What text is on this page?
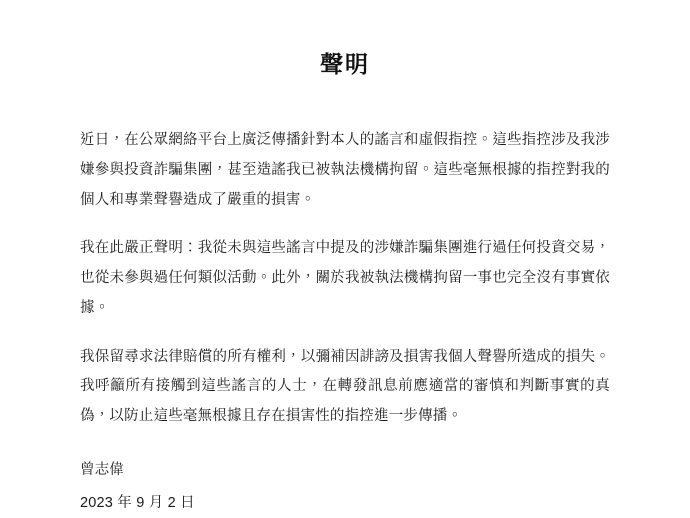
聲明

近日，在公眾網絡平台上廣泛傳播針對本人的謠言和虛假指控。這些指控涉及我涉嫌參與投資詐騙集團，甚至造謠我已被執法機構拘留。這些毫無根據的指控對我的個人和專業聲譽造成了嚴重的損害。

我在此嚴正聲明：我從未與這些謠言中提及的涉嫌詐騙集團進行過任何投資交易，也從未參與過任何類似活動。此外，關於我被執法機構拘留一事也完全沒有事實依據。

我保留尋求法律賠償的所有權利，以彌補因誹謗及損害我個人聲譽所造成的損失。我呼籲所有接觸到這些謠言的人士，在轉發訊息前應適當的審慎和判斷事實的真偽，以防止這些毫無根據且存在損害性的指控進一步傳播。

曾志偉

2023 年 9 月 2 日
